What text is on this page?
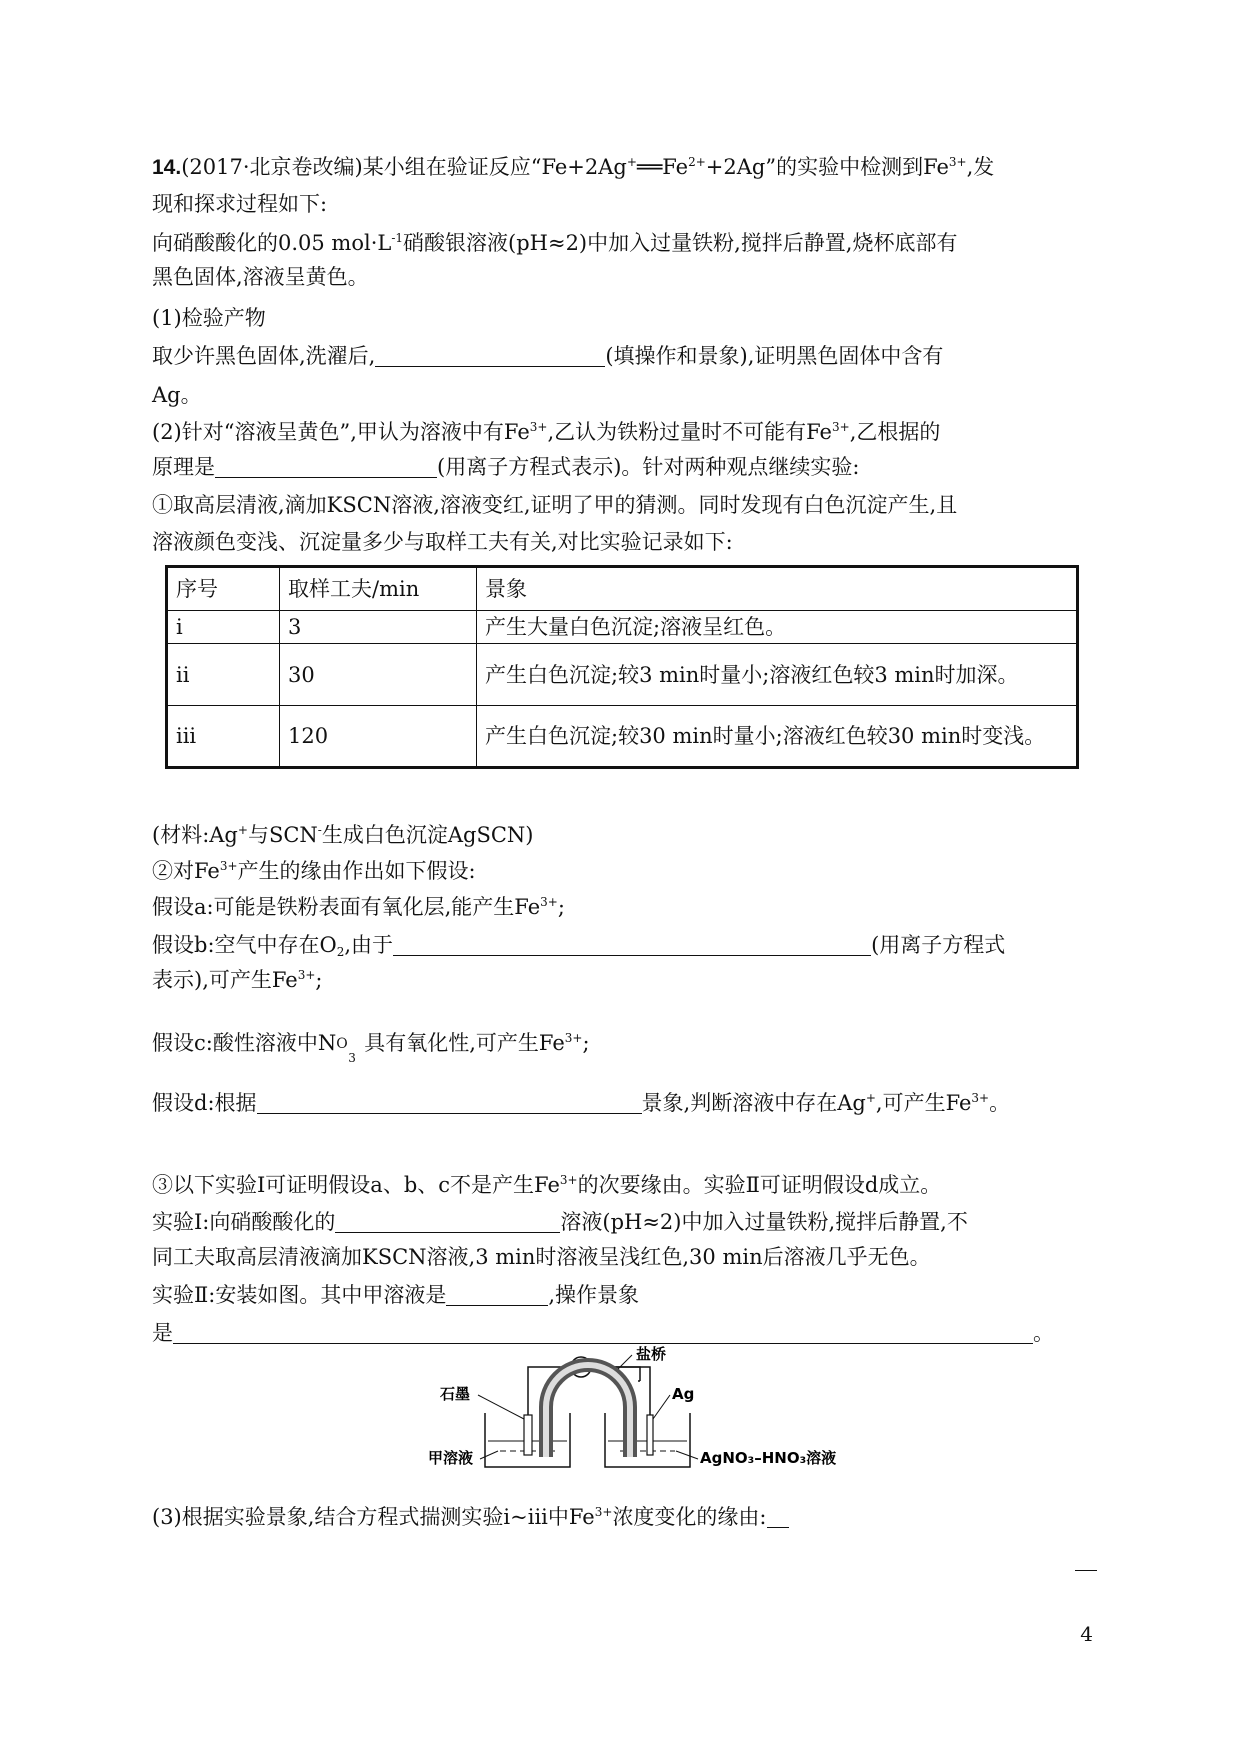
14.(2017·北京卷改编)某小组在验证反应“$Fe+2Ag^+══Fe^{2+}+2Ag$”的实验中检测到$Fe^{3+}$,发
现和探求过程如下:
向硝酸酸化的0.05 $mol\cdot L^{-1}$硝酸银溶液(pH≈2)中加入过量铁粉,搅拌后静置,烧杯底部有
黑色固体,溶液呈黄色。
(1)检验产物
取少许黑色固体,洗濯后,	(填操作和景象),证明黑色固体中含有
Ag。
(2)针对“溶液呈黄色”,甲认为溶液中有$Fe^{3+}$,乙认为铁粉过量时不可能有$Fe^{3+}$,乙根据的
原理是	(用离子方程式表示)。针对两种观点继续实验:
①取高层清液,滴加KSCN溶液,溶液变红,证明了甲的猜测。同时发现有白色沉淀产生,且
溶液颜色变浅、沉淀量多少与取样工夫有关,对比实验记录如下:
序号	取样工夫/min	景象
i	3	产生大量白色沉淀;溶液呈红色。
ii	30	产生白色沉淀;较3 min时量小;溶液红色较3 min时加深。
iii	120	产生白色沉淀;较30 min时量小;溶液红色较30 min时变浅。
(材料:Ag+与SCN-生成白色沉淀AgSCN)
②对$Fe^{3+}$产生的缘由作出如下假设:
假设a:可能是铁粉表面有氧化层,能产生$Fe^{3+}$;
假设b:空气中存在$O_2$,由于	(用离子方程式
表示),可产生$Fe^{3+}$;
假设c:酸性溶液中N O
3
具有氧化性,可产生$Fe^{3+}$;
假设d:根据	景象,判断溶液中存在Ag+,可产生$Fe^{3+}$。
③以下实验Ⅰ可证明假设a、b、c不是产生$Fe^{3+}$的次要缘由。实验Ⅱ可证明假设d成立。
实验Ⅰ:向硝酸酸化的	溶液(pH≈2)中加入过量铁粉,搅拌后静置,不
同工夫取高层清液滴加KSCN溶液,3 min时溶液呈浅红色,30 min后溶液几乎无色。
实验Ⅱ:安装如图。其中甲溶液是	,操作景象
是	。
A
盐桥
石墨	Ag
甲溶液	AgNO₃–HNO₃溶液
(3)根据实验景象,结合方程式揣测实验i~iii中$Fe^{3+}$浓度变化的缘由:
4
